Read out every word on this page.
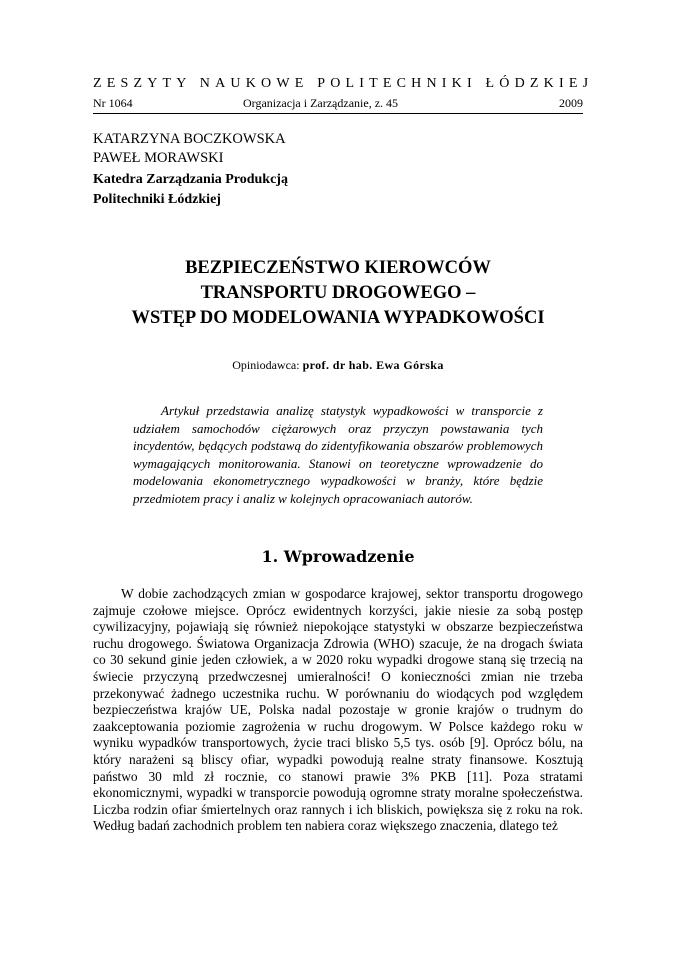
ZESZYTY NAUKOWE POLITECHNIKI ŁÓDZKIEJ
Nr 1064	Organizacja i Zarządzanie, z. 45	2009
KATARZYNA BOCZKOWSKA
PAWEŁ MORAWSKI
Katedra Zarządzania Produkcją
Politechniki Łódzkiej
BEZPIECZEŃSTWO KIEROWCÓW
TRANSPORTU DROGOWEGO –
WSTĘP DO MODELOWANIA WYPADKOWOŚCI
Opiniodawca: prof. dr hab. Ewa Górska
Artykuł przedstawia analizę statystyk wypadkowości w transporcie z udziałem samochodów ciężarowych oraz przyczyn powstawania tych incydentów, będących podstawą do zidentyfikowania obszarów problemowych wymagających monitorowania. Stanowi on teoretyczne wprowadzenie do modelowania ekonometrycznego wypadkowości w branży, które będzie przedmiotem pracy i analiz w kolejnych opracowaniach autorów.
1. Wprowadzenie
W dobie zachodzących zmian w gospodarce krajowej, sektor transportu drogowego zajmuje czołowe miejsce. Oprócz ewidentnych korzyści, jakie niesie za sobą postęp cywilizacyjny, pojawiają się również niepokojące statystyki w obszarze bezpieczeństwa ruchu drogowego. Światowa Organizacja Zdrowia (WHO) szacuje, że na drogach świata co 30 sekund ginie jeden człowiek, a w 2020 roku wypadki drogowe staną się trzecią na świecie przyczyną przedwczesnej umieralności! O konieczności zmian nie trzeba przekonywać żadnego uczestnika ruchu. W porównaniu do wiodących pod względem bezpieczeństwa krajów UE, Polska nadal pozostaje w gronie krajów o trudnym do zaakceptowania poziomie zagrożenia w ruchu drogowym. W Polsce każdego roku w wyniku wypadków transportowych, życie traci blisko 5,5 tys. osób [9]. Oprócz bólu, na który narażeni są bliscy ofiar, wypadki powodują realne straty finansowe. Kosztują państwo 30 mld zł rocznie, co stanowi prawie 3% PKB [11]. Poza stratami ekonomicznymi, wypadki w transporcie powodują ogromne straty moralne społeczeństwa. Liczba rodzin ofiar śmiertelnych oraz rannych i ich bliskich, powiększa się z roku na rok. Według badań zachodnich problem ten nabiera coraz większego znaczenia, dlatego też
